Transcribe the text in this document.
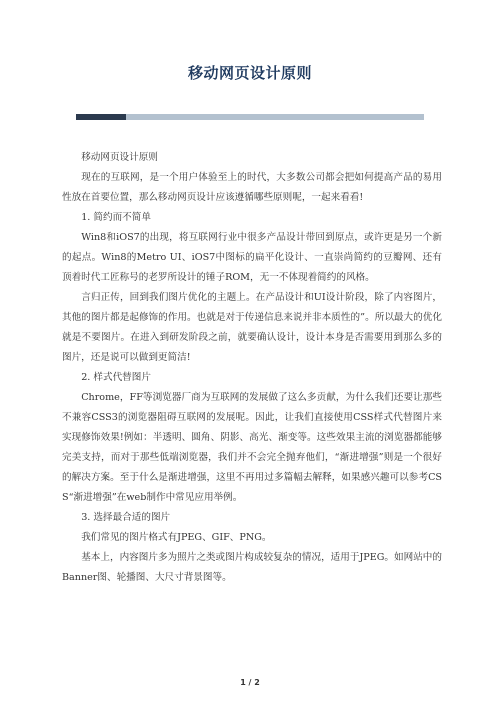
移动网页设计原则

移动网页设计原则

现在的互联网，是一个用户体验至上的时代，大多数公司都会把如何提高产品的易用性放在首要位置，那么移动网页设计应该遵循哪些原则呢，一起来看看!

1. 简约而不简单

Win8和iOS7的出现，将互联网行业中很多产品设计带回到原点，或许更是另一个新的起点。Win8的Metro UI、iOS7中图标的扁平化设计、一直崇尚简约的豆瓣网、还有顶着时代工匠称号的老罗所设计的锤子ROM，无一不体现着简约的风格。

言归正传，回到我们图片优化的主题上。在产品设计和UI设计阶段，除了内容图片，其他的图片都是起修饰的作用。也就是对于传递信息来说并非本质性的”。所以最大的优化就是不要图片。在进入到研发阶段之前，就要确认设计，设计本身是否需要用到那么多的图片，还是说可以做到更简洁!

2. 样式代替图片

Chrome，FF等浏览器厂商为互联网的发展做了这么多贡献，为什么我们还要让那些不兼容CSS3的浏览器阻碍互联网的发展呢。因此，让我们直接使用CSS样式代替图片来实现修饰效果!例如：半透明、圆角、阴影、高光、渐变等。这些效果主流的浏览器都能够完美支持，而对于那些低端浏览器，我们并不会完全抛弃他们，“渐进增强”则是一个很好的解决方案。至于什么是渐进增强，这里不再用过多篇幅去解释，如果感兴趣可以参考CSS“渐进增强”在web制作中常见应用举例。

3. 选择最合适的图片

我们常见的图片格式有JPEG、GIF、PNG。

基本上，内容图片多为照片之类或图片构成较复杂的情况，适用于JPEG。如网站中的Banner图、轮播图、大尺寸背景图等。

1 / 2
